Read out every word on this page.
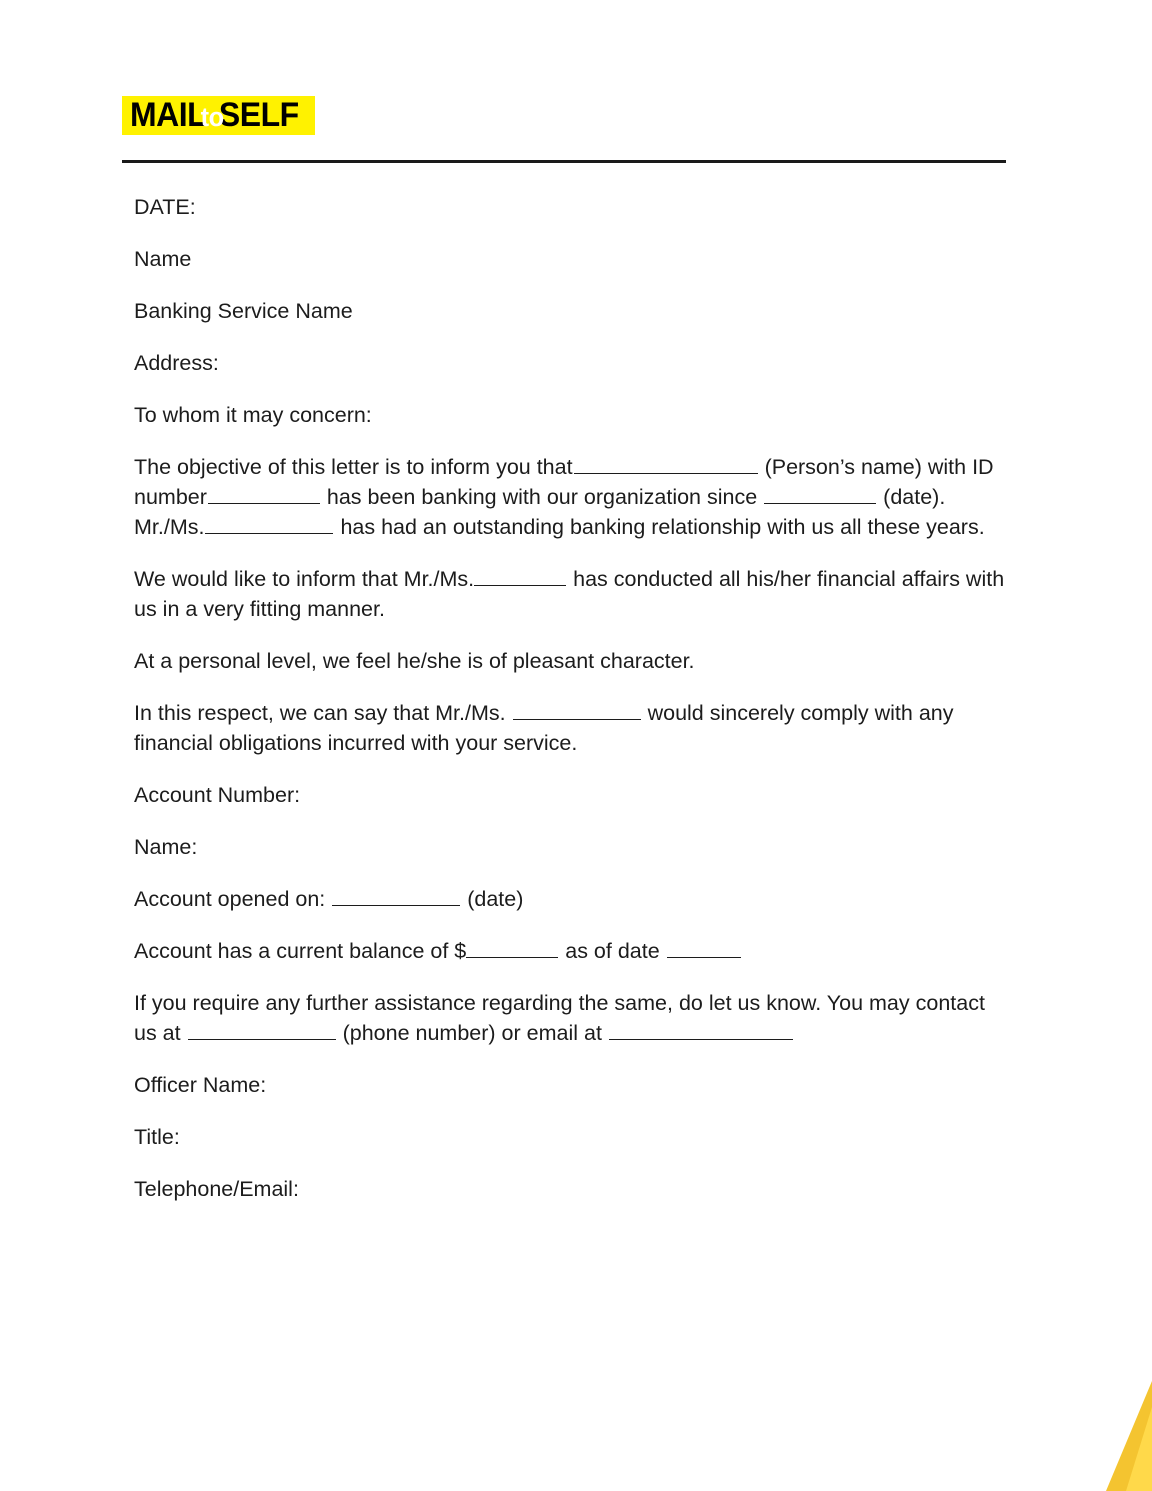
MAILtoSELF

DATE:

Name

Banking Service Name

Address:

To whom it may concern:

The objective of this letter is to inform you that	(Person’s name) with ID number	has been banking with our organization since	(date). Mr./Ms.	has had an outstanding banking relationship with us all these years.

We would like to inform that Mr./Ms.	has conducted all his/her financial affairs with us in a very fitting manner.

At a personal level, we feel he/she is of pleasant character.

In this respect, we can say that Mr./Ms.	would sincerely comply with any financial obligations incurred with your service.

Account Number:

Name:

Account opened on:	(date)

Account has a current balance of $	as of date

If you require any further assistance regarding the same, do let us know. You may contact us at	(phone number) or email at

Officer Name:

Title:

Telephone/Email:
